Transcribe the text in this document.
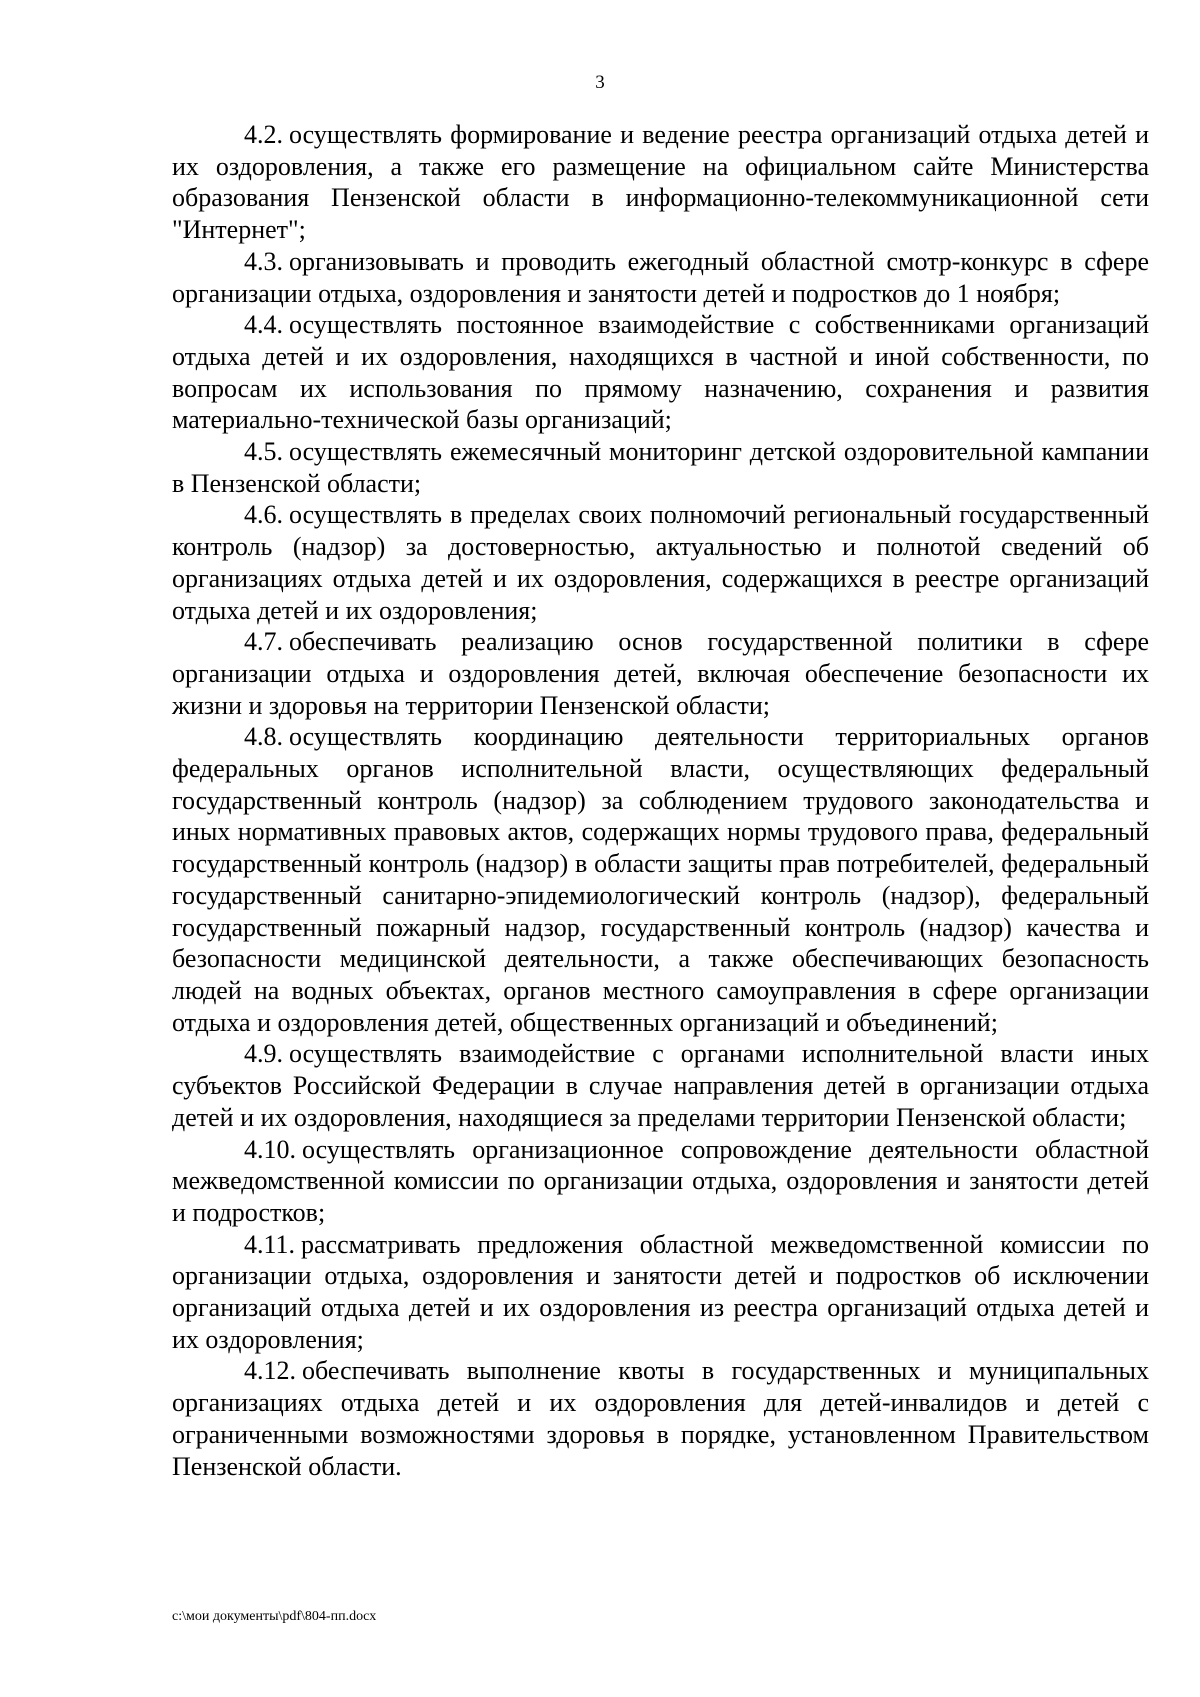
3

4.2. осуществлять формирование и ведение реестра организаций отдыха детей и их оздоровления, а также его размещение на официальном сайте Министерства образования Пензенской области в информационно-телекоммуникационной сети "Интернет";

4.3. организовывать и проводить ежегодный областной смотр-конкурс в сфере организации отдыха, оздоровления и занятости детей и подростков до 1 ноября;

4.4. осуществлять постоянное взаимодействие с собственниками организаций отдыха детей и их оздоровления, находящихся в частной и иной собственности, по вопросам их использования по прямому назначению, сохранения и развития материально-технической базы организаций;

4.5. осуществлять ежемесячный мониторинг детской оздоровительной кампании в Пензенской области;

4.6. осуществлять в пределах своих полномочий региональный государственный контроль (надзор) за достоверностью, актуальностью и полнотой сведений об организациях отдыха детей и их оздоровления, содержащихся в реестре организаций отдыха детей и их оздоровления;

4.7. обеспечивать реализацию основ государственной политики в сфере организации отдыха и оздоровления детей, включая обеспечение безопасности их жизни и здоровья на территории Пензенской области;

4.8. осуществлять координацию деятельности территориальных органов федеральных органов исполнительной власти, осуществляющих федеральный государственный контроль (надзор) за соблюдением трудового законодательства и иных нормативных правовых актов, содержащих нормы трудового права, федеральный государственный контроль (надзор) в области защиты прав потребителей, федеральный государственный санитарно-эпидемиологический контроль (надзор), федеральный государственный пожарный надзор, государственный контроль (надзор) качества и безопасности медицинской деятельности, а также обеспечивающих безопасность людей на водных объектах, органов местного самоуправления в сфере организации отдыха и оздоровления детей, общественных организаций и объединений;

4.9. осуществлять взаимодействие с органами исполнительной власти иных субъектов Российской Федерации в случае направления детей в организации отдыха детей и их оздоровления, находящиеся за пределами территории Пензенской области;

4.10. осуществлять организационное сопровождение деятельности областной межведомственной комиссии по организации отдыха, оздоровления и занятости детей и подростков;

4.11. рассматривать предложения областной межведомственной комиссии по организации отдыха, оздоровления и занятости детей и подростков об исключении организаций отдыха детей и их оздоровления из реестра организаций отдыха детей и их оздоровления;

4.12. обеспечивать выполнение квоты в государственных и муниципальных организациях отдыха детей и их оздоровления для детей-инвалидов и детей с ограниченными возможностями здоровья в порядке, установленном Правительством Пензенской области.

c:\мои документы\pdf\804-пп.docx
